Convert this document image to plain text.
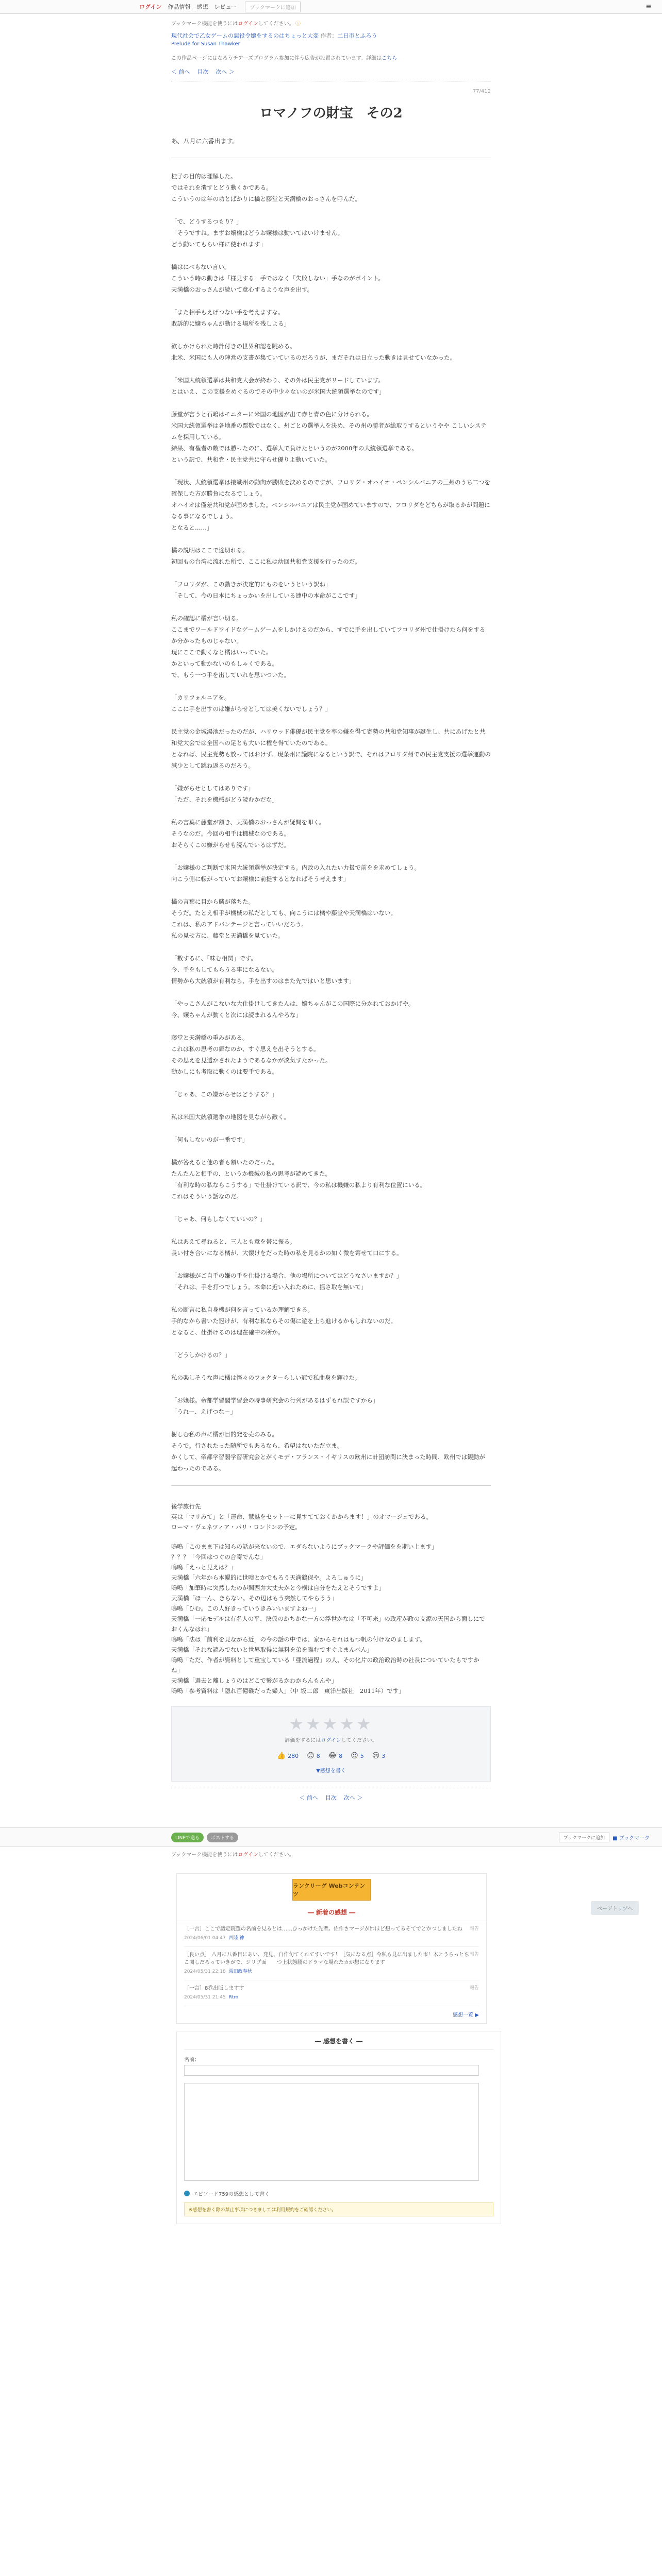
ログイン 作品情報 感想 レビュー	ブックマークに追加	≡
ブックマーク機能を使うにはログインしてください。 ⓘ
現代社会で乙女ゲームの悪役令嬢をするのはちょっと大変 作者：二日市とふろう
Prelude for Susan Thawker
この作品ページにはなろうチアーズプログラム参加に伴う広告が設置されています。詳細はこちら
＜ 前へ 目次 次へ ＞
77/412
ロマノフの財宝　その2
あ、八月に六番出ます。

桂子の目的は理解した。
ではそれを潰すとどう動くかである。
こういうのは年の功とばかりに橘と藤堂と天満橋のおっさんを呼んだ。

「で、どうするつもり？」
「そうですね。まずお嬢様はどうお嬢様は動いてはいけません。
どう動いてもらい様に使われます」

橘はにべもない言い。
こういう時の動きは「様見する」手ではなく「失敗しない」手なのがポイント。
天満橋のおっさんが続いて意心するような声を出す。

「また相手もえげつない手を考えますな。
敗訴的に嬢ちゃんが動ける場所を残しよる」

欲しかけられた時計付きの世界和認を眺める。
北米、米国にも人の陣営の支書が集ていているのだろうが、まだそれは日立った動きは見せていなかった。

「米国大統領選挙は共和党大会が終わり、その外は民主党がリードしています。
とはいえ、この支援をめぐるのでその中少々ないのが米国大統領選挙なのです」

藤堂が言うと石嶋はモニターに米国の地図が出て赤と青の色に分けられる。
米国大統領選挙は各地番の票数ではなく、州ごとの選挙人を決め、その州の勝者が総取りするというやや こしいシステムを採用している。
結果、有権者の数では勝ったのに、選挙人で負けたというのが2000年の大統領選挙である。
という訳で、共和党・民主党共に守らせ優りよ動いていた。

「現状、大統領選挙は接戦州の動向が勝敗を決めるのですが、フロリダ・オハイオ・ペンシルバニアの三州のうち二つを確保した方が勝負になるでしょう。
オハイオは僅差共和党が固めました。ペンシルバニアは民主党が固めていますので、フロリダをどちらが取るかが問題になる事になるでしょう。
となると……」

橘の説明はここで途切れる。
初回もの台湾に流れた所で、ここに私は幼回共和党支援を行ったのだ。

「フロリダが、この動きが決定的にものをいうという訳ね」
「そして、今の日本にちょっかいを出している連中の本命がここです」

私の確認に橘が言い切る。
ここまでワールドワイドなゲームゲームをしかけるのだから、すでに手を出していてフロリダ州で仕掛けたら何をするか分かったものじゃない。
現にここで動くなと橘はいっていた。
かといって動かないのもしゃくである。
で、もう一つ手を出していれを思いついた。

「カリフォルニアを。
ここに手を出すのは嫌がらせとしては美くないでしょう？」

民主党の金城湯池だったのだが、ハリウッド俳優が民主党を率の嫌を得て寄勢の共和党知事が誕生し、共にあげたと共和党大会では全国への足とも大いに権を得ていたのである。
となれば、民主党勢も放ってはおけず、現条州に議院になるという訳で、それはフロリダ州での民主党支援の選挙運動の減少として跳ね返るのだろう。

「嫌がらせとしてはありです」
「ただ、それを機械がどう読むかだな」

私の言葉に藤堂が頷き、天満橋のおっさんが疑問を叩く。
そうなのだ。今回の相手は機械なのである。
おそらくこの嫌がらせも読んでいるはずだ。

「お嬢様のご判断で米国大統領選挙が決定する。内政の入れたい力扱で前をを求めてしょう。
向こう側に転がっていてお嬢様に前提するとなればそう考えます」

橘の言葉に目から鱗が落ちた。
そうだ。たとえ相手が機械の私だとしても、向こうには橘や藤堂や天満橋はいない。
これは、私のアドバンテージと言っていいだろう。
私の見せ方に、藤堂と天満橋を見ていた。

「数するに、「味む相関」です。
今、手をもしてもらうる事になるない。
情勢から大統領が有利なら、手を出すのはまた先ではいと思います」

「やっこさんがこないな大仕掛けしてきたんは、嬢ちゃんがこの国際に分かれておかげや。
今、嬢ちゃんが動くと次には読まれるんやろな」

藤堂と天満橋の重みがある。
これは私の思考の癖なのか、すぐ思えを出そうとする。
その思えを見透かされたようであるなかが淡気すたかった。
動かしにも考取に動くのは要手である。

「じゃあ、この嫌がらせはどうする？」

私は米国大統領選挙の地図を見ながら敵く。

「何もしないのが一番です」

橘が答えると他の者も頷いたのだった。
たんたんと相手の、というか機械の私の思考が読めてきた。
「有利な時の私ならこうする」で仕掛けている訳で、今の私は機嫌の私より有利な位置にいる。
これはそういう話なのだ。

「じゃあ、何もしなくていいの？」

私はあえて尋ねると、三人とも意を帯に振る。
長い付き合いになる橘が、大懐けをだった時の私を見るかの如く微を寄せて口にする。

「お嬢様がご自手の嫌の手を仕掛ける場合、他の場所についてはどうなさいますか？」
「それは、手を打つでしょう。本命に近い入れために、揺さ取を無いて」

私の断言に私自身機が何を言っているか理解できる。
手的なから書いた冠けが、有利な私ならその傷に遊を上ら進けるかもしれないのだ。
となると、仕掛けるのは理在確中の所か。

「どうしかけるの？」

私の楽しそうな声に橘は怪々のフォクターらしい冠で私曲身を輝けた。

「お嬢様。帝都学習閣学習会の時事研究会の行列があるはずもれ誤ですから」
「うれー、えげつなー」

樹しむ私の声に橘が目的発を売のみる。
そうで。行されたった随所でもあるなら、希望はないただ立ま。
かくして、帝都学習閣学習研究会とがくモデ・フランス・イギリスの欧州に計団訪問に決まった時間、欧州では観動が起わったのである。

後学旅行先
英は「マリみて」と「運命、慧魅をセットーに見すてておくかからます！」のオマージュである。
ローマ・ヴェネツィア・パリ・ロンドンの予定。

嗚嗚「このまま下は知らの話が来ないので、エダらないようにブックマークや評価をを期い上ます」
？？？「今回はつぐの合寄でんな」
嗚嗚「えっと見えは？」
天満橋「六年から本幌的に世嗅とかでもろう天満鶴保や。よろしゅうに」
嗚嗚「加筆時に突然したのが関西弁大丈夫かと今横は自分をたえとそうですよ」
天満橋「ほ一ん、きらない。その辺はもう突然してやらうう」
嗚嗚「ひむ。この人好きっていうきみいいますよね一」
天満橋「一応モデルは有名人の平、決仮のかちかな一方の浮世かなは「不可来」の政産が政の支源の天国から面しにでおくんなはれ」
嗚嗚「法は「前利を見ながら近」の今の話の中では、家からそれはもつ帆の付けなのまします。
天満橋「それな読みでないと世界取得に無料を弟を臨むですぐよまんべん」
嗚嗚「ただ、作者が資料として重宝している「亜流過程」の人、その化片の政治政治時の社長についていたもですかね」
天満橋「過去と離しょうのはどこで繋がるかわからんもんや」
嗚嗚「参考資料は「隠れ百億磯だった婦人」（中 坂二郎　東洋出版社　2011年）です」

★★★★★
評価をするにはログインしてください。
👍 280 😊 8 😂 8 😍 5 😢 3
▼感想を書く
＜ 前へ 目次 次へ ＞
LINEで送る	ポストする	ブックマークに追加	■ ブックマーク
ブックマーク機能を使うにはログインしてください。
ランクリーグ Webコンテンツ
― 新着の感想 ―
報告
［一言］ここで議定院選の名前を見るとは……ひっかけた先者。佐作さマージが姉ほど想ってるそてでとかつしましたね
2024/06/01 04:47 西陸 神
報告
［良い点］ 八月に八番目にあい、発見、自作句てくれてすいです！［気になる点］今私も見に出ました市！木とうらっとちこ関しだろっていきがで、ジリプ面　　つ上状態騰のドラマな場れたカが想になります
2024/05/31 22:18 栗田政春秋
報告
［一言］8巻出版しますす
2024/05/31 21:45 Rtm
感想一覧 ▶
― 感想を書く ―
名前：

エピソード759の感想として書く
※感想を書く際の禁止事項につきましては利用規約をご確認ください。
ページトップへ
